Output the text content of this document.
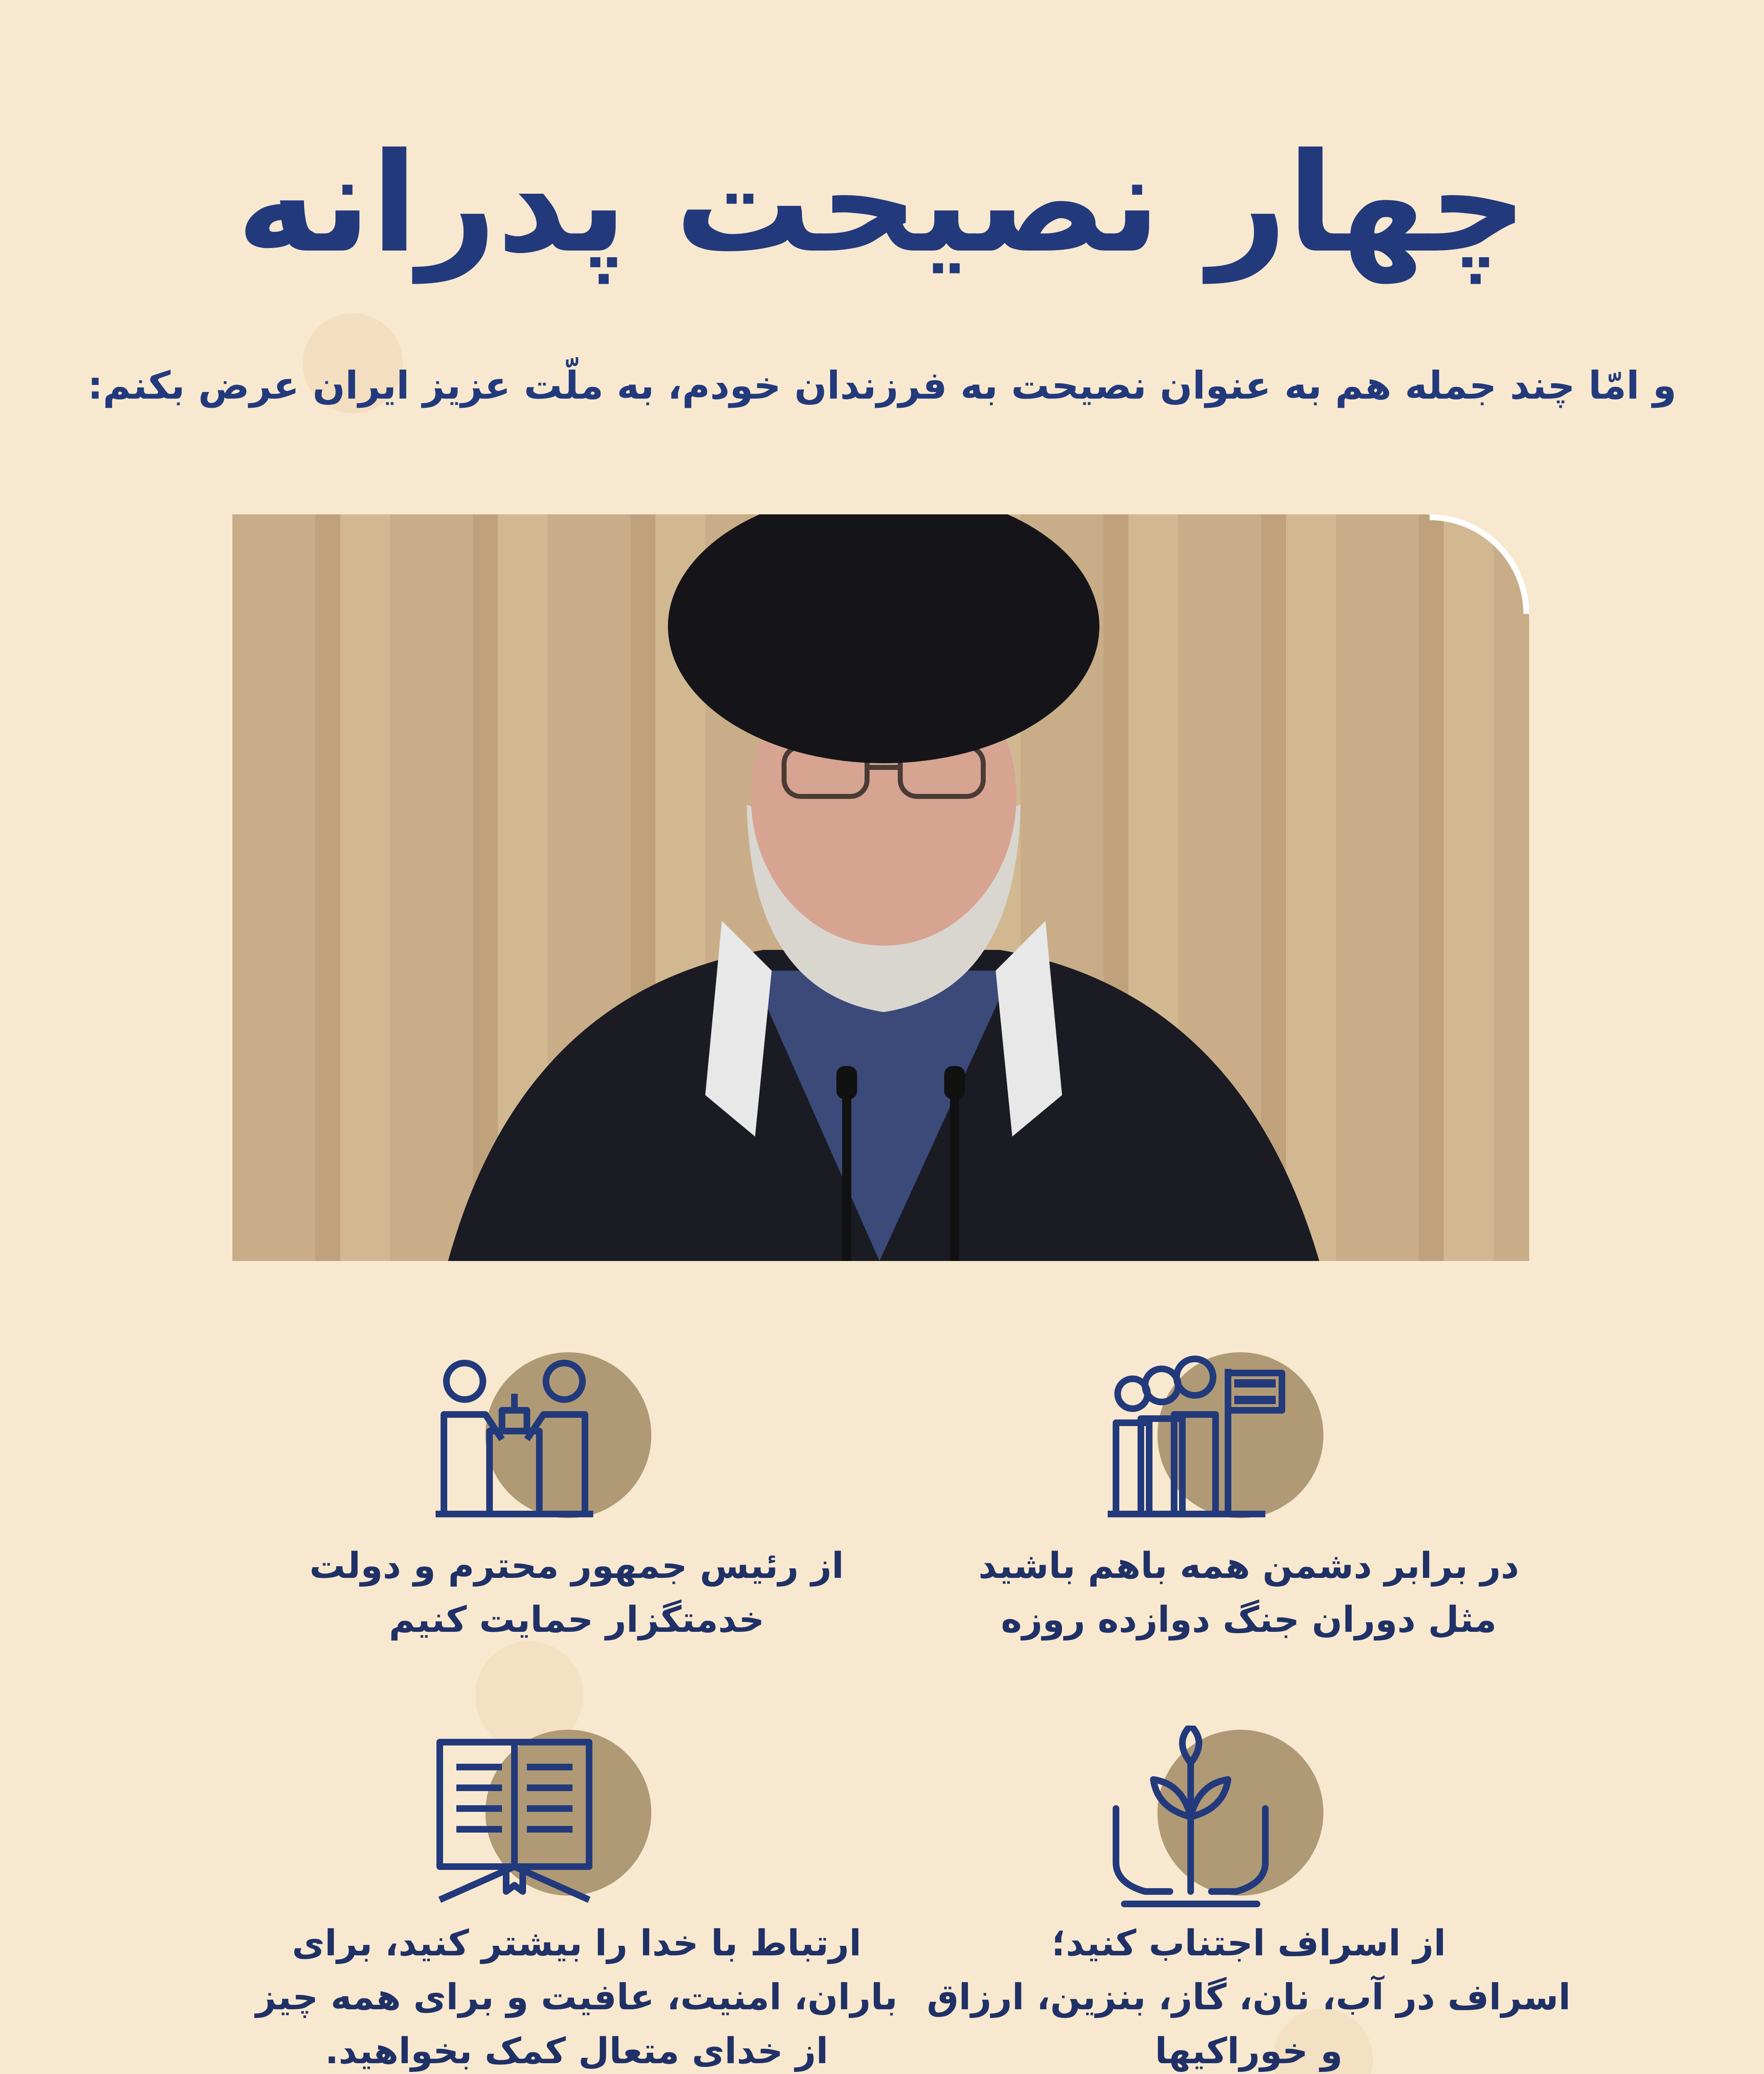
چهار نصیحت پدرانه
و امّا چند جمله هم به عنوان نصیحت به فرزندان خودم، به ملّت عزیز ایران عرض بکنم:
در برابر دشمن همه باهم باشید
مثل دوران جنگ دوازده روزه
از رئیس جمهور محترم و دولت
خدمتگزار حمایت کنیم
از اسراف اجتناب کنید؛
اسراف در آب، نان، گاز، بنزین، ارزاق
و خوراکیها
ارتباط با خدا را بیشتر کنید، برای
باران، امنیت، عافیت و برای همه چیز
از خدای متعال کمک بخواهید.
